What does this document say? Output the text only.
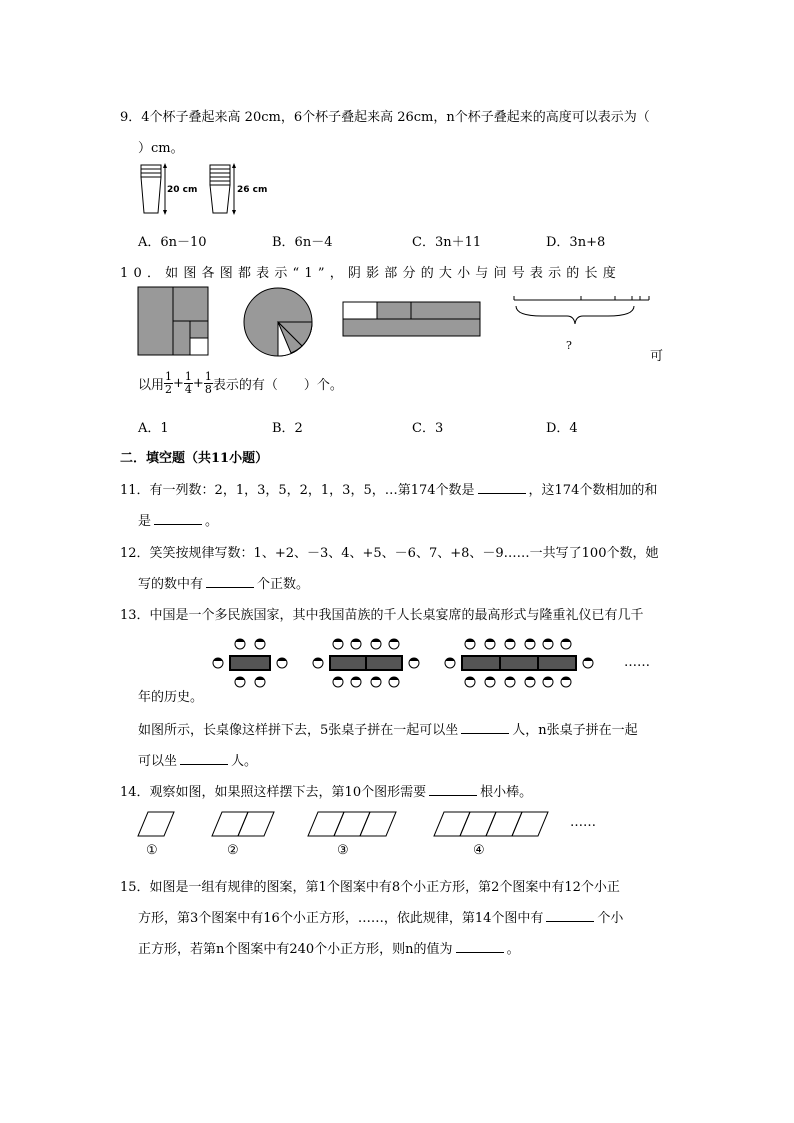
9．4个杯子叠起来高 20cm，6个杯子叠起来高 26cm，n个杯子叠起来的高度可以表示为（
）cm。
20 cm	26 cm
A．6n－10	B．6n－4	C．3n＋11	D．3n+8
10．如图各图都表示“1”，阴影部分的大小与问号表示的长度
?
可
以用 $\frac{1}{2} + \frac{1}{4} + \frac{1}{8}$ 表示的有（　　）个。
A．1	B．2	C．3	D．4
二．填空题（共11小题）
11．有一列数：2，1，3，5，2，1，3，5，…第174个数是	，这174个数相加的和
是	。
12．笑笑按规律写数：1、+2、－3、4、+5、－6、7、+8、－9……一共写了100个数，她
写的数中有	个正数。
13．中国是一个多民族国家，其中我国苗族的千人长桌宴席的最高形式与隆重礼仪已有几千
……
年的历史。
如图所示，长桌像这样拼下去，5张桌子拼在一起可以坐	人，n张桌子拼在一起
可以坐	人。
14．观察如图，如果照这样摆下去，第10个图形需要	根小棒。
……
①	②	③	④
15．如图是一组有规律的图案，第1个图案中有8个小正方形，第2个图案中有12个小正
方形，第3个图案中有16个小正方形，……，依此规律，第14个图中有	个小
正方形，若第n个图案中有240个小正方形，则n的值为	。
